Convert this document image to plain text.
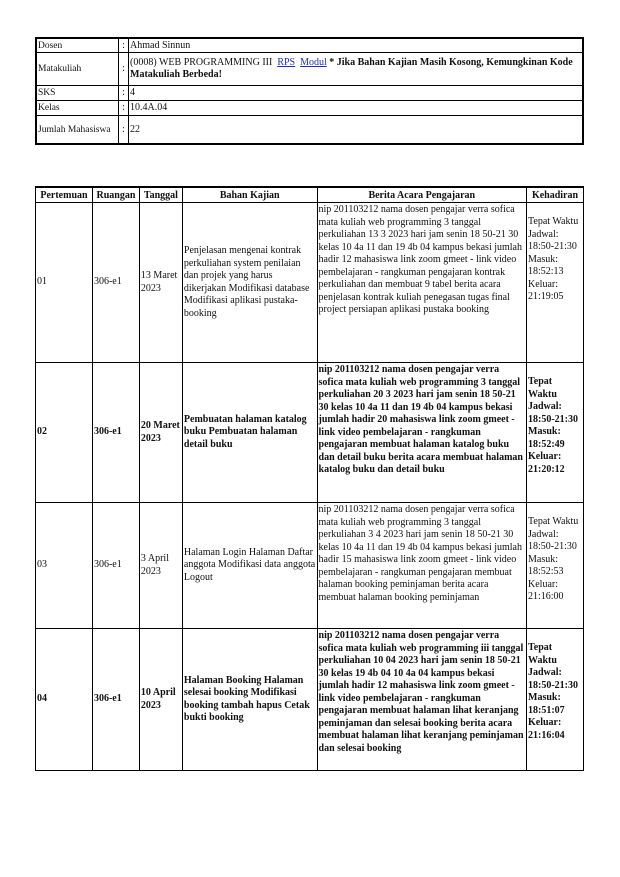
Dosen	:	Ahmad Sinnun
Matakuliah	:	(0008) WEB PROGRAMMING III RPS Modul * Jika Bahan Kajian Masih Kosong, Kemungkinan Kode Matakuliah Berbeda!
SKS	:	4
Kelas	:	10.4A.04
Jumlah Mahasiswa	:	22
Pertemuan	Ruangan	Tanggal	Bahan Kajian	Berita Acara Pengajaran	Kehadiran
01	306-e1	13 Maret 2023	Penjelasan mengenai kontrak perkuliahan system penilaian dan projek yang harus dikerjakan Modifikasi database Modifikasi aplikasi pustaka-booking	nip 201103212 nama dosen pengajar verra sofica mata kuliah web programming 3 tanggal perkuliahan 13 3 2023 hari jam senin 18 50-21 30 kelas 10 4a 11 dan 19 4b 04 kampus bekasi jumlah hadir 12 mahasiswa link zoom gmeet - link video pembelajaran - rangkuman pengajaran kontrak perkuliahan dan membuat 9 tabel berita acara penjelasan kontrak kuliah penegasan tugas final project persiapan aplikasi pustaka booking	Tepat Waktu Jadwal: 18:50-21:30 Masuk: 18:52:13 Keluar: 21:19:05
02	306-e1	20 Maret 2023	Pembuatan halaman katalog buku Pembuatan halaman detail buku	nip 201103212 nama dosen pengajar verra sofica mata kuliah web programming 3 tanggal perkuliahan 20 3 2023 hari jam senin 18 50-21 30 kelas 10 4a 11 dan 19 4b 04 kampus bekasi jumlah hadir 20 mahasiswa link zoom gmeet - link video pembelajaran - rangkuman pengajaran membuat halaman katalog buku dan detail buku berita acara membuat halaman katalog buku dan detail buku	Tepat Waktu Jadwal: 18:50-21:30 Masuk: 18:52:49 Keluar: 21:20:12
03	306-e1	3 April 2023	Halaman Login Halaman Daftar anggota Modifikasi data anggota Logout	nip 201103212 nama dosen pengajar verra sofica mata kuliah web programming 3 tanggal perkuliahan 3 4 2023 hari jam senin 18 50-21 30 kelas 10 4a 11 dan 19 4b 04 kampus bekasi jumlah hadir 15 mahasiswa link zoom gmeet - link video pembelajaran - rangkuman pengajaran membuat halaman booking peminjaman berita acara membuat halaman booking peminjaman	Tepat Waktu Jadwal: 18:50-21:30 Masuk: 18:52:53 Keluar: 21:16:00
04	306-e1	10 April 2023	Halaman Booking Halaman selesai booking Modifikasi booking tambah hapus Cetak bukti booking	nip 201103212 nama dosen pengajar verra sofica mata kuliah web programming iii tanggal perkuliahan 10 04 2023 hari jam senin 18 50-21 30 kelas 19 4b 04 10 4a 04 kampus bekasi jumlah hadir 12 mahasiswa link zoom gmeet - link video pembelajaran - rangkuman pengajaran membuat halaman lihat keranjang peminjaman dan selesai booking berita acara membuat halaman lihat keranjang peminjaman dan selesai booking	Tepat Waktu Jadwal: 18:50-21:30 Masuk: 18:51:07 Keluar: 21:16:04
